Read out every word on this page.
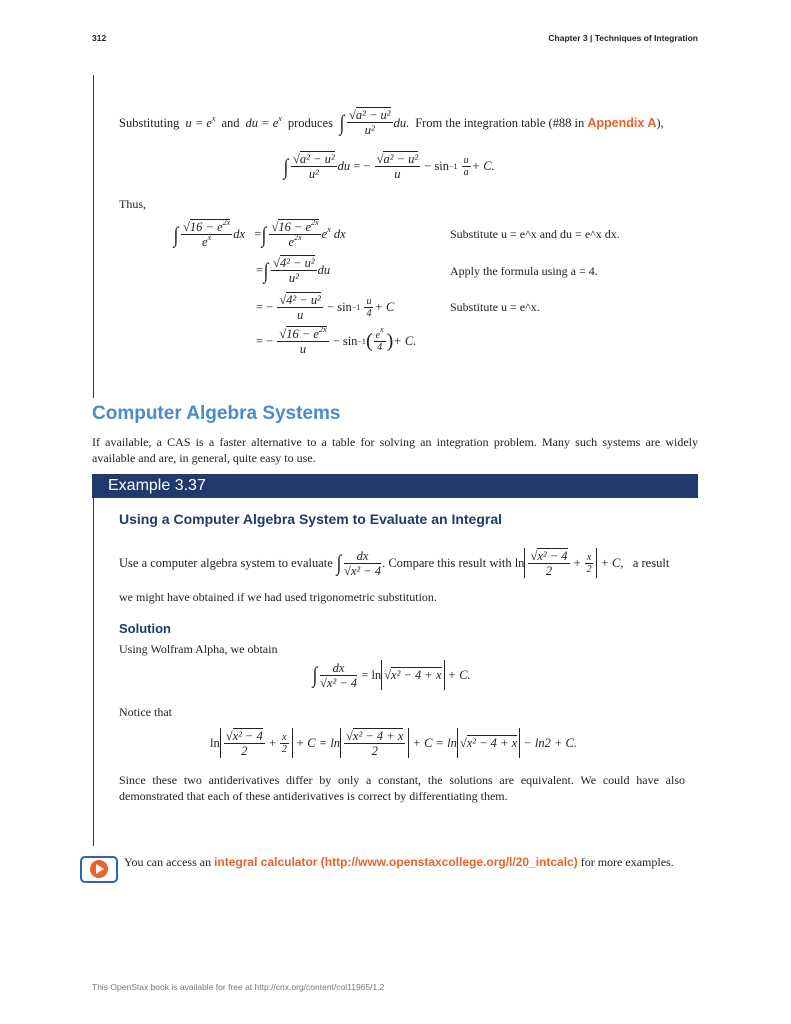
312	Chapter 3 | Techniques of Integration
Substituting $u = e^x$ and du = $e^x$ produces ∫ √a² − u²
u²
du. From the integration table (#88 in
Appendix A ),
∫ √a² − u²
u²
du
= −
$\frac{\text{√a² − u²}}{u}$
− sin −1
u
a + C.
Thus,
∫ $√16 - e^{2x}$
$e^x$	dx
= ∫ $√16 - e^{2x}$
$e^{2x}$	$e^x$ dx	Substitute u = e^x and du = e^x dx.
= ∫ √4² − u²
u²
du	Apply the formula using a = 4.
= −
$\frac{\text{√4² − u²}}{u}$
− sin −1
u
4 + C	Substitute u = e^x.
= −
$\frac{√16 - e^{2x}}{u}$
− sin −1 ( $e^x$
4 ) + C.
Computer Algebra Systems
If available, a CAS is a faster alternative to a table for solving an integration problem. Many such systems are widely available and are, in general, quite easy to use.
Example 3.37
Using a Computer Algebra System to Evaluate an Integral
Use a computer algebra system to evaluate
∫	dx
√x² − 4
. Compare this result with
ln
√x² − 4
2

+
$\frac{x}{2}$
+ C,
a result
we might have obtained if we had used trigonometric substitution.
Solution
Using Wolfram Alpha, we obtain
∫ $\frac{dx}{\text{√x² − 4}}$
= ln √ x² − 4 + x
+ C.
Notice that
ln √x² − 4
2

+
$\frac{x}{2}$
+ C = ln √x² − 4 + x
2

+ C = ln √ x² − 4 + x
− ln2 + C.
Since these two antiderivatives differ by only a constant, the solutions are equivalent. We could have also demonstrated that each of these antiderivatives is correct by differentiating them.
You can access an integral calculator (http://www.openstaxcollege.org/l/20_intcalc) for more examples.
This OpenStax book is available for free at http://cnx.org/content/col11965/1.2
